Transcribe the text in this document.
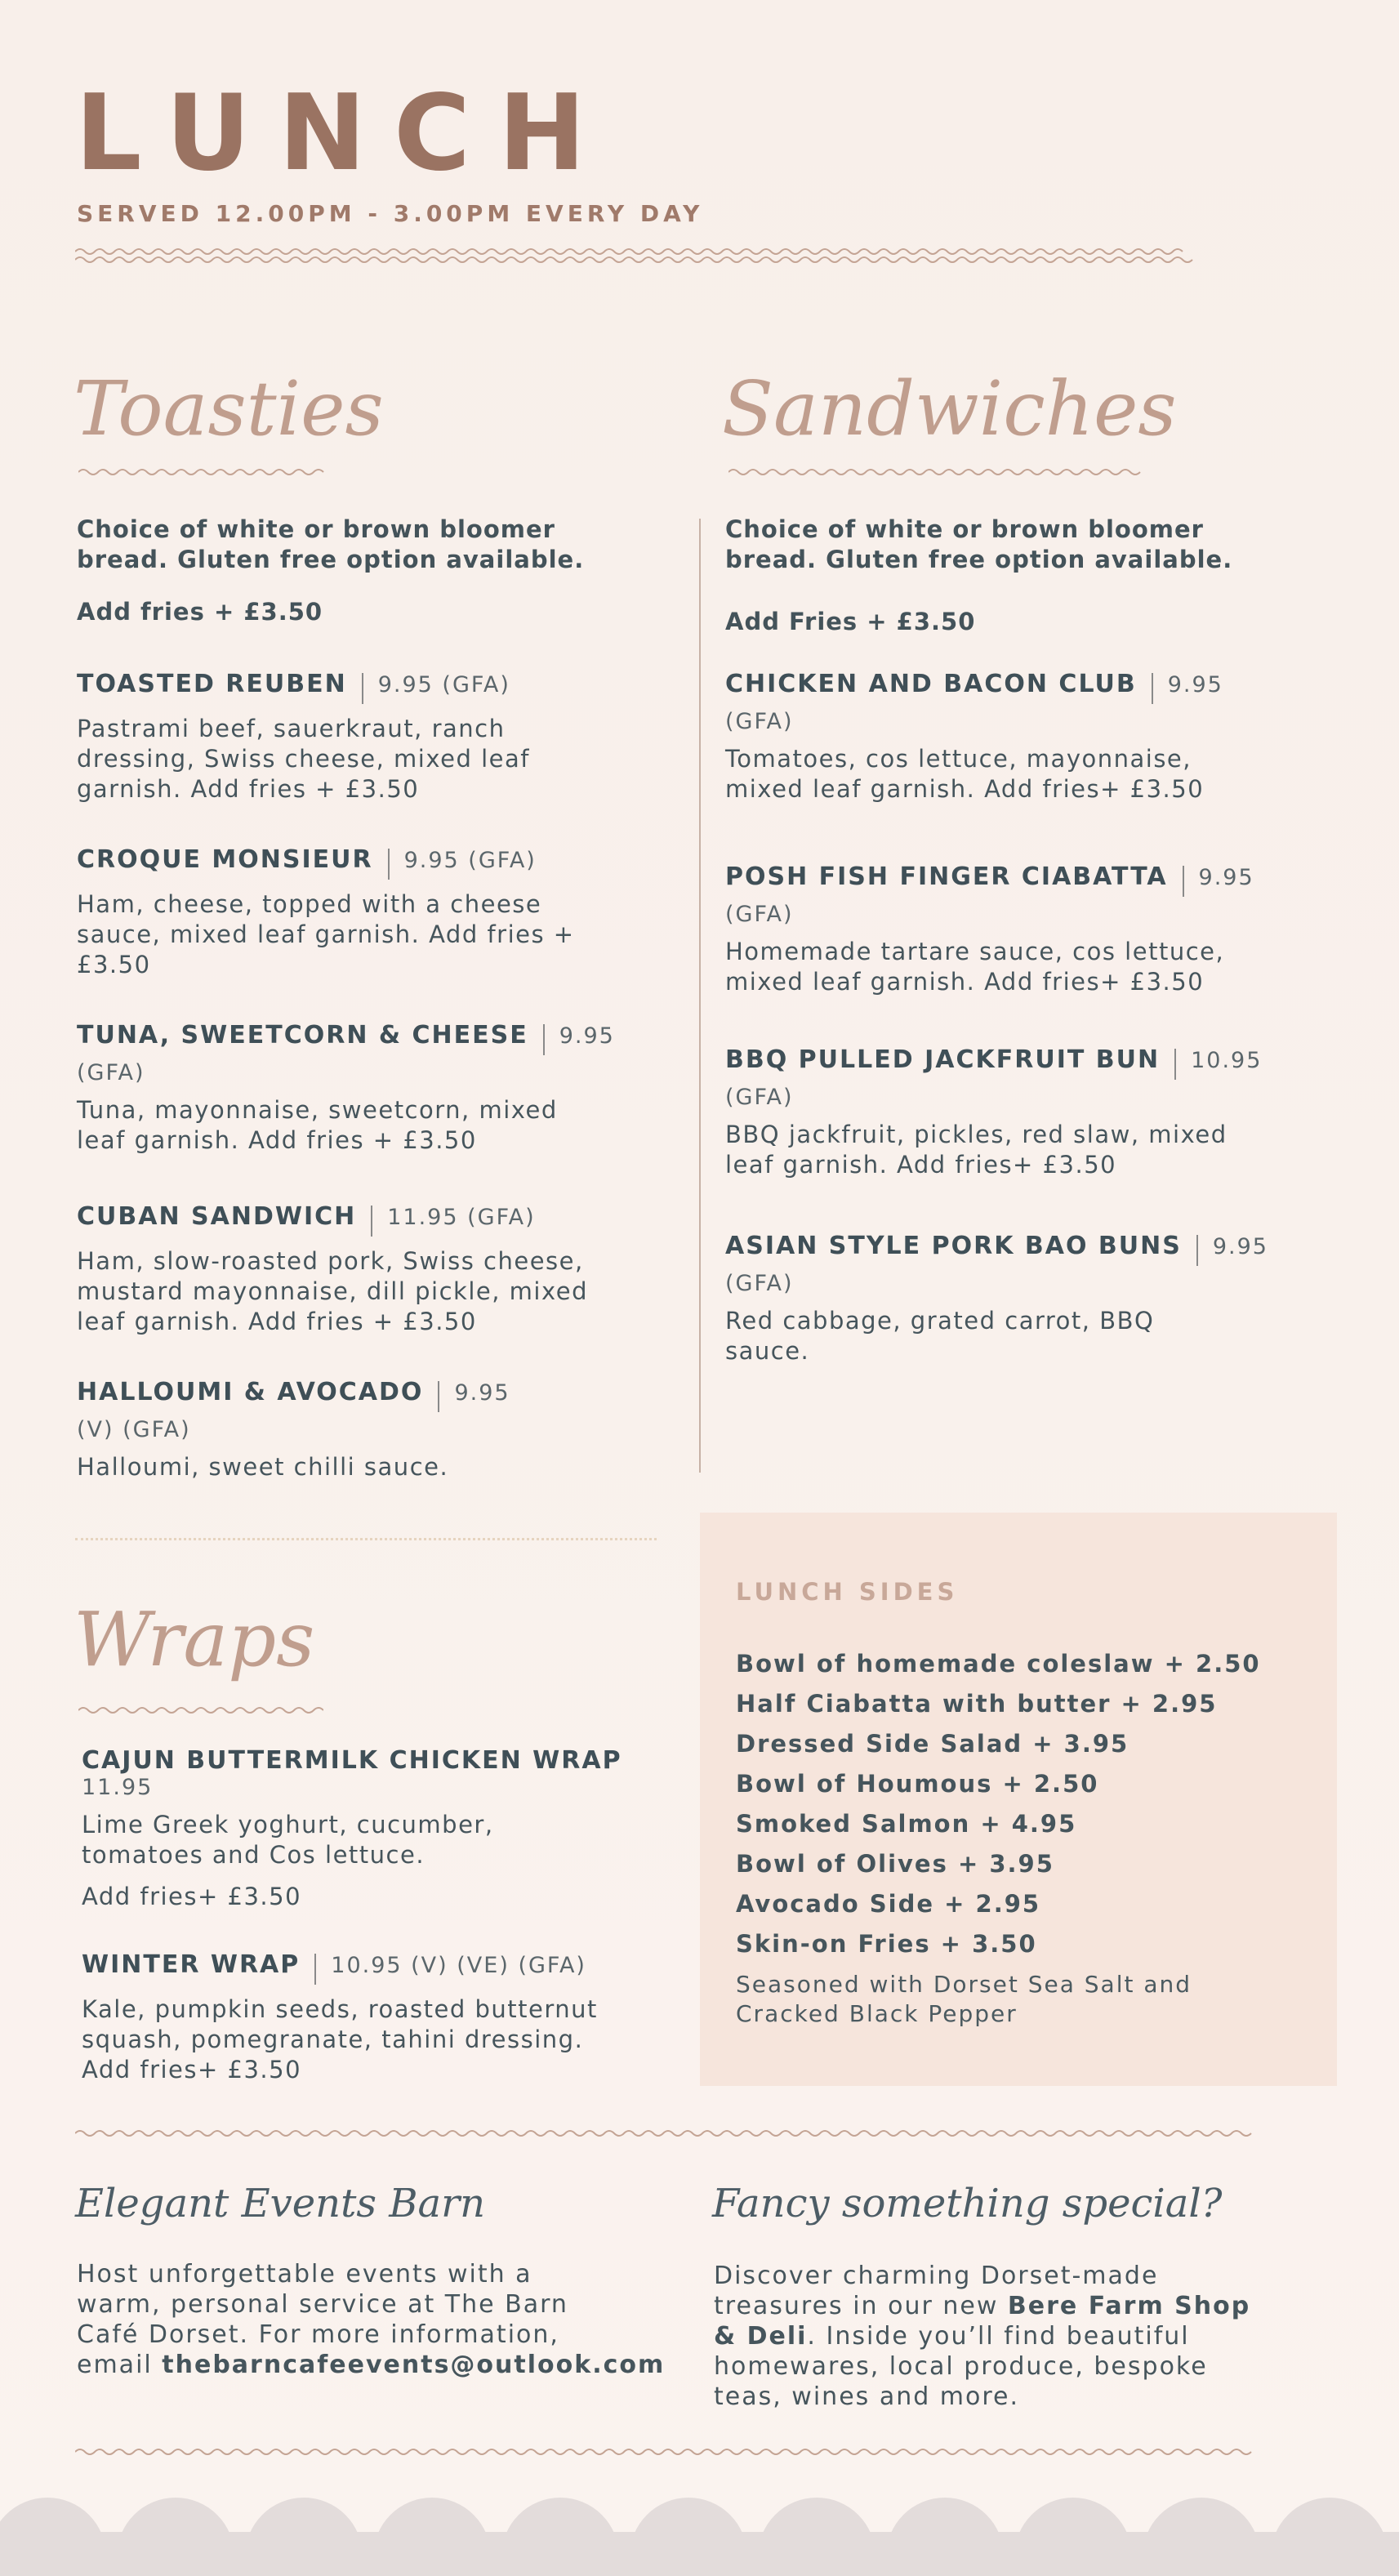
LUNCH
SERVED 12.00PM - 3.00PM EVERY DAY
Toasties
Choice of white or brown bloomer
bread. Gluten free option available.
Add fries + £3.50
TOASTED REUBEN 9.95 (GFA)
Pastrami beef, sauerkraut, ranch
dressing, Swiss cheese, mixed leaf
garnish. Add fries + £3.50
CROQUE MONSIEUR 9.95 (GFA)
Ham, cheese, topped with a cheese
sauce, mixed leaf garnish. Add fries +
£3.50
TUNA, SWEETCORN & CHEESE 9.95
(GFA)
Tuna, mayonnaise, sweetcorn, mixed
leaf garnish. Add fries + £3.50
CUBAN SANDWICH 11.95 (GFA)
Ham, slow-roasted pork, Swiss cheese,
mustard mayonnaise, dill pickle, mixed
leaf garnish. Add fries + £3.50
HALLOUMI & AVOCADO 9.95
(V) (GFA)
Halloumi, sweet chilli sauce.
Sandwiches
Choice of white or brown bloomer
bread. Gluten free option available.
Add Fries + £3.50
CHICKEN AND BACON CLUB 9.95
(GFA)
Tomatoes, cos lettuce, mayonnaise,
mixed leaf garnish. Add fries+ £3.50
POSH FISH FINGER CIABATTA 9.95
(GFA)
Homemade tartare sauce, cos lettuce,
mixed leaf garnish. Add fries+ £3.50
BBQ PULLED JACKFRUIT BUN 10.95
(GFA)
BBQ jackfruit, pickles, red slaw, mixed
leaf garnish. Add fries+ £3.50
ASIAN STYLE PORK BAO BUNS 9.95
(GFA)
Red cabbage, grated carrot, BBQ
sauce.
Wraps
CAJUN BUTTERMILK CHICKEN WRAP
11.95
Lime Greek yoghurt, cucumber,
tomatoes and Cos lettuce.
Add fries+ £3.50
WINTER WRAP 10.95 (V) (VE) (GFA)
Kale, pumpkin seeds, roasted butternut
squash, pomegranate, tahini dressing.
Add fries+ £3.50
LUNCH SIDES
Bowl of homemade coleslaw + 2.50
Half Ciabatta with butter + 2.95
Dressed Side Salad + 3.95
Bowl of Houmous + 2.50
Smoked Salmon + 4.95
Bowl of Olives + 3.95
Avocado Side + 2.95
Skin-on Fries + 3.50
Seasoned with Dorset Sea Salt and
Cracked Black Pepper
Elegant Events Barn
Host unforgettable events with a
warm, personal service at The Barn
Café Dorset. For more information,
email thebarncafeevents@outlook.com
Fancy something special?
Discover charming Dorset-made
treasures in our new Bere Farm Shop
& Deli. Inside you’ll find beautiful
homewares, local produce, bespoke
teas, wines and more.
